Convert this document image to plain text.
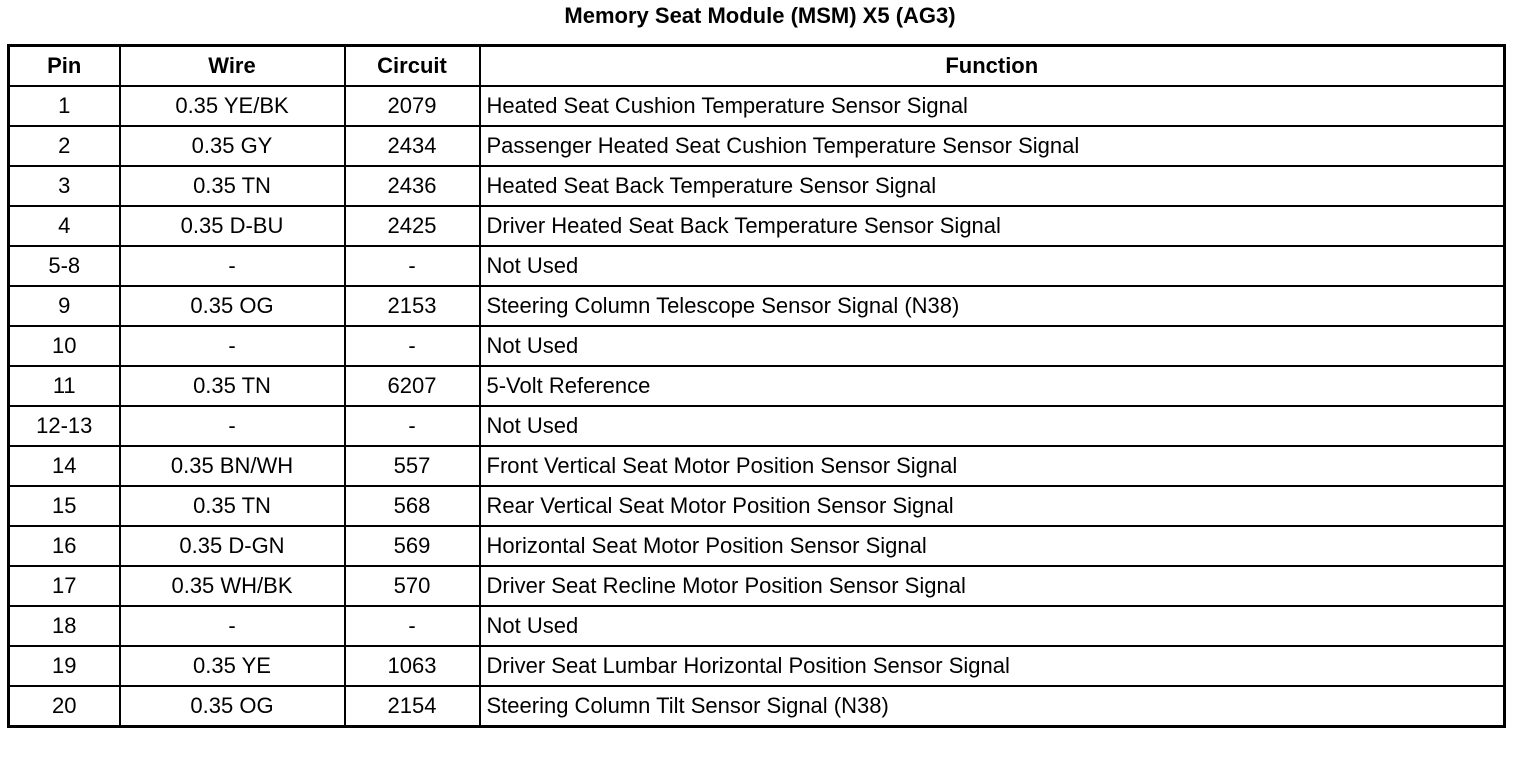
Memory Seat Module (MSM) X5 (AG3)
Pin	Wire	Circuit	Function
1	0.35 YE/BK	2079	Heated Seat Cushion Temperature Sensor Signal
2	0.35 GY	2434	Passenger Heated Seat Cushion Temperature Sensor Signal
3	0.35 TN	2436	Heated Seat Back Temperature Sensor Signal
4	0.35 D-BU	2425	Driver Heated Seat Back Temperature Sensor Signal
5-8	-	-	Not Used
9	0.35 OG	2153	Steering Column Telescope Sensor Signal (N38)
10	-	-	Not Used
11	0.35 TN	6207	5-Volt Reference
12-13	-	-	Not Used
14	0.35 BN/WH	557	Front Vertical Seat Motor Position Sensor Signal
15	0.35 TN	568	Rear Vertical Seat Motor Position Sensor Signal
16	0.35 D-GN	569	Horizontal Seat Motor Position Sensor Signal
17	0.35 WH/BK	570	Driver Seat Recline Motor Position Sensor Signal
18	-	-	Not Used
19	0.35 YE	1063	Driver Seat Lumbar Horizontal Position Sensor Signal
20	0.35 OG	2154	Steering Column Tilt Sensor Signal (N38)
